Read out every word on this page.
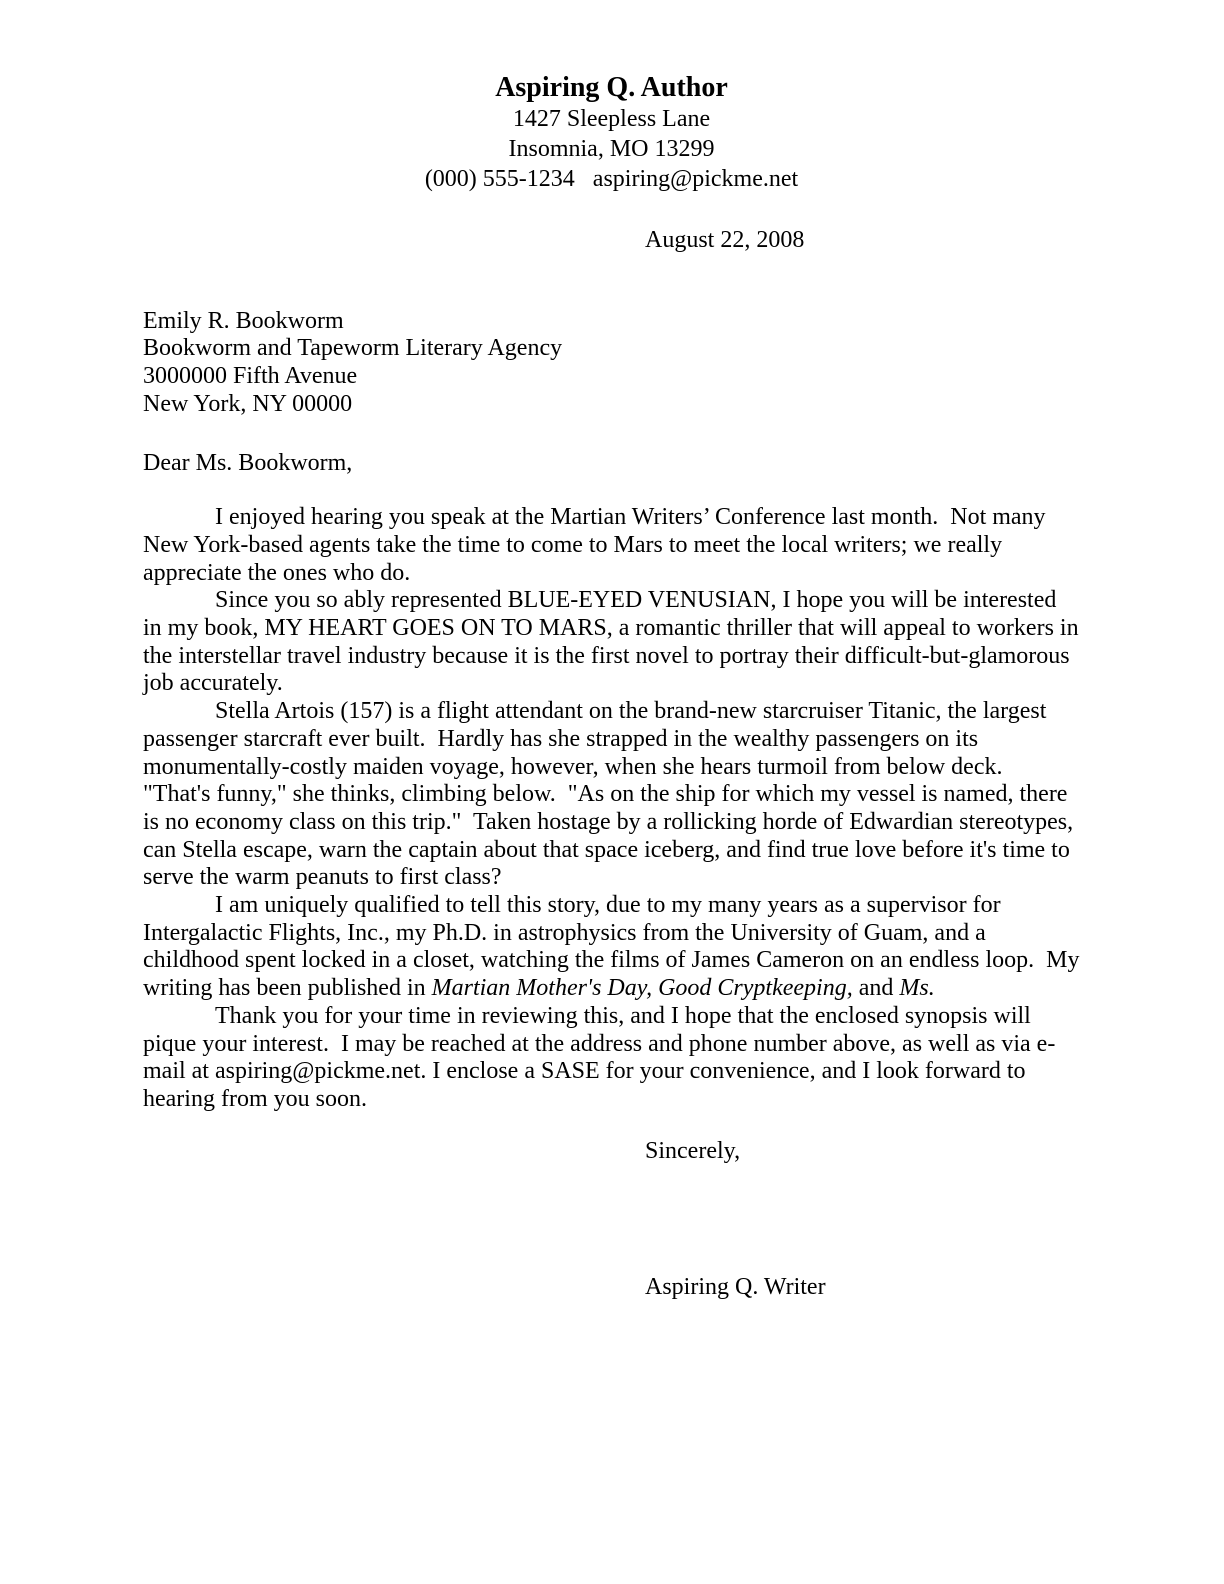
Aspiring Q. Author
1427 Sleepless Lane
Insomnia, MO 13299
(000) 555-1234 aspiring@pickme.net
August 22, 2008
Emily R. Bookworm
Bookworm and Tapeworm Literary Agency
3000000 Fifth Avenue
New York, NY 00000
Dear Ms. Bookworm,

I enjoyed hearing you speak at the Martian Writers’ Conference last month.  Not many New York-based agents take the time to come to Mars to meet the local writers; we really appreciate the ones who do.

Since you so ably represented BLUE-EYED VENUSIAN, I hope you will be interested in my book, MY HEART GOES ON TO MARS, a romantic thriller that will appeal to workers in the interstellar travel industry because it is the first novel to portray their difficult-but-glamorous job accurately.

Stella Artois (157) is a flight attendant on the brand-new starcruiser Titanic, the largest passenger starcraft ever built.  Hardly has she strapped in the wealthy passengers on its monumentally-costly maiden voyage, however, when she hears turmoil from below deck.  "That's funny," she thinks, climbing below.  "As on the ship for which my vessel is named, there is no economy class on this trip."  Taken hostage by a rollicking horde of Edwardian stereotypes, can Stella escape, warn the captain about that space iceberg, and find true love before it's time to serve the warm peanuts to first class?

I am uniquely qualified to tell this story, due to my many years as a supervisor for Intergalactic Flights, Inc., my Ph.D. in astrophysics from the University of Guam, and a childhood spent locked in a closet, watching the films of James Cameron on an endless loop.  My writing has been published in Martian Mother's Day, Good Cryptkeeping, and Ms.

Thank you for your time in reviewing this, and I hope that the enclosed synopsis will pique your interest.  I may be reached at the address and phone number above, as well as via e-mail at aspiring@pickme.net. I enclose a SASE for your convenience, and I look forward to hearing from you soon.

Sincerely,
Aspiring Q. Writer
